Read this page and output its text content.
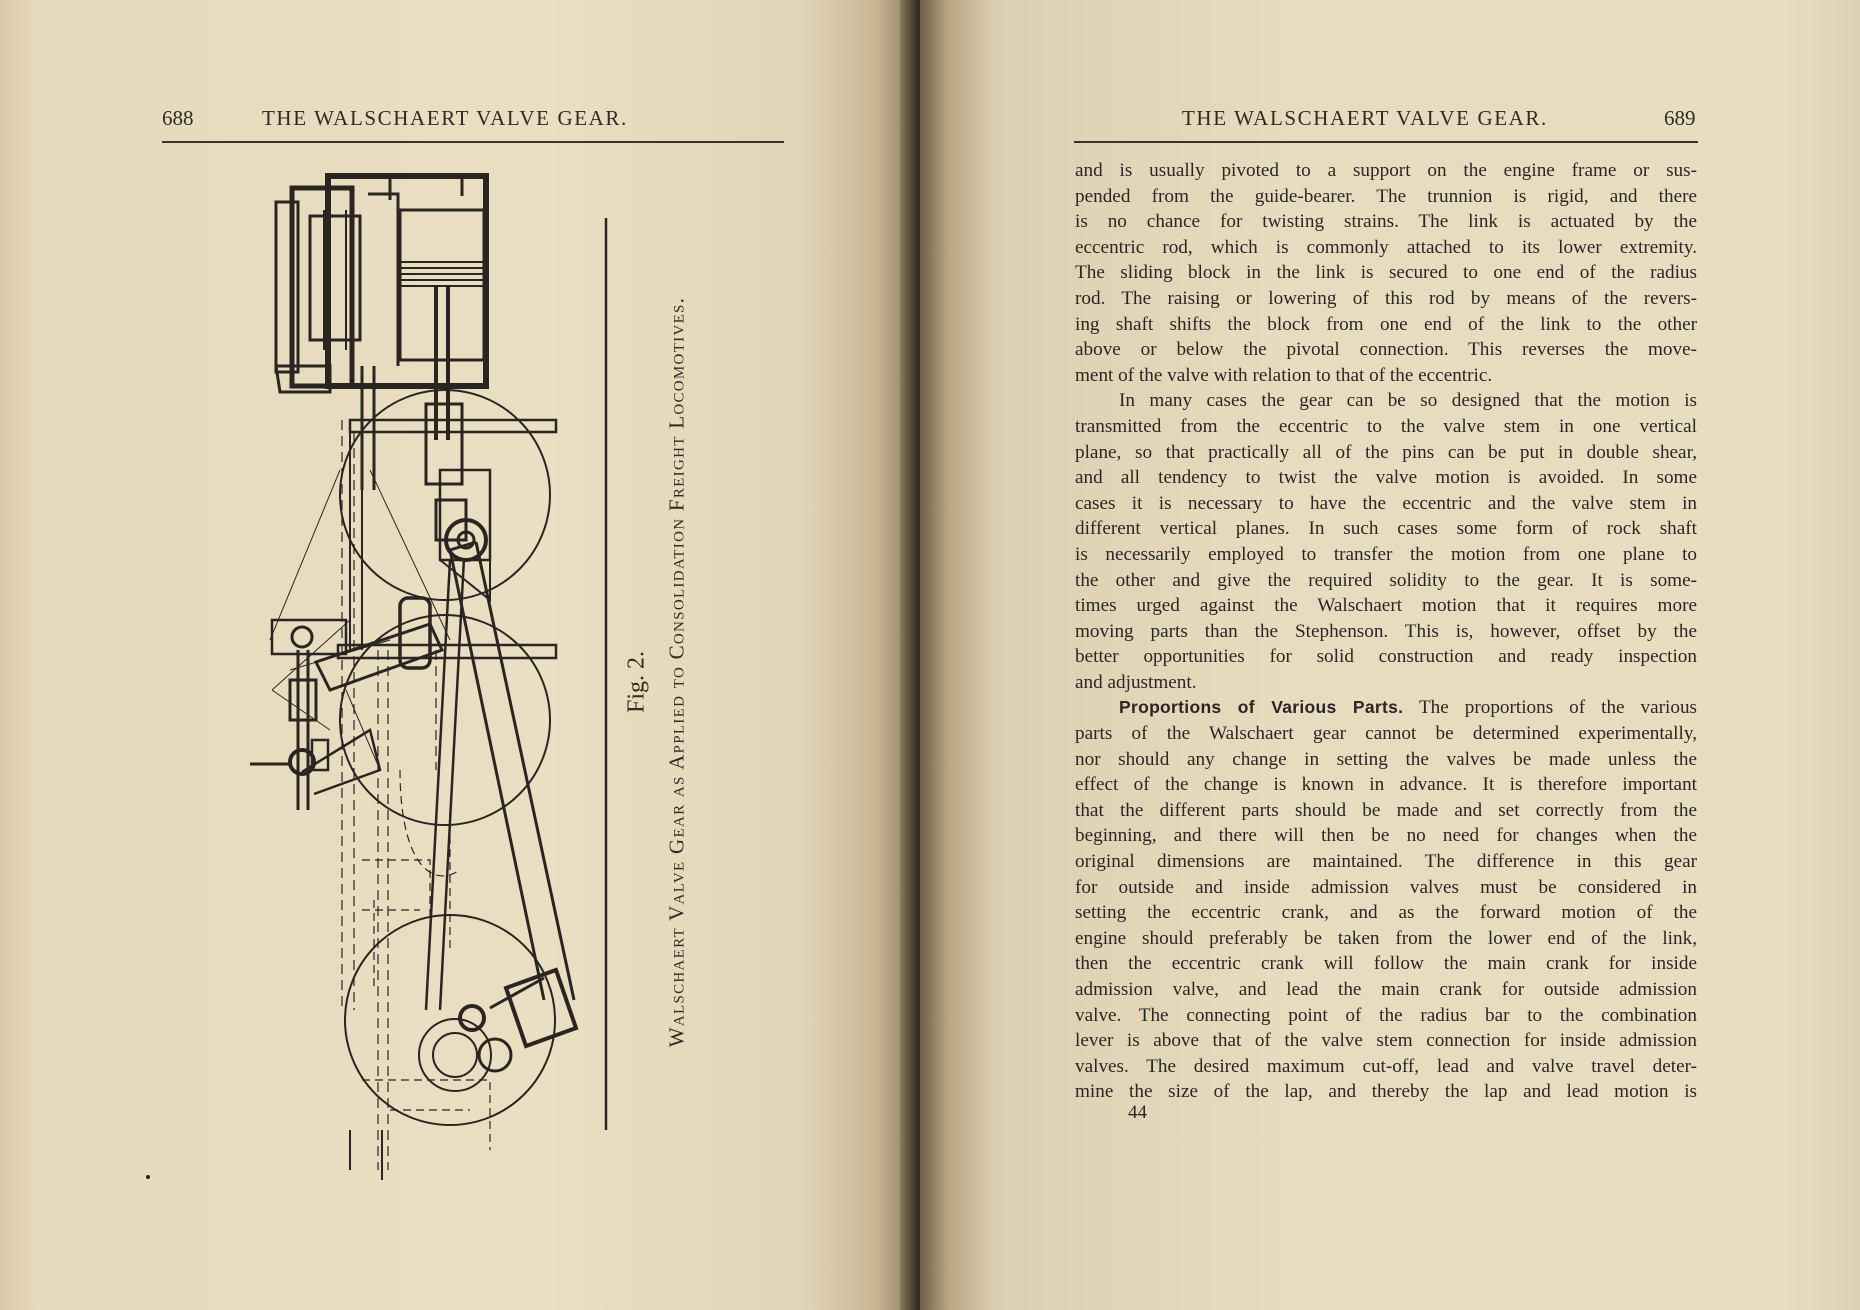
688	THE WALSCHAERT VALVE GEAR.
Fig. 2. Walschaert Valve Gear as Applied to Consolidation Freight Locomotives.
THE WALSCHAERT VALVE GEAR.	689
and is usually pivoted to a support on the engine frame or sus-
pended from the guide-bearer. The trunnion is rigid, and there
is no chance for twisting strains. The link is actuated by the
eccentric rod, which is commonly attached to its lower extremity.
The sliding block in the link is secured to one end of the radius
rod. The raising or lowering of this rod by means of the revers-
ing shaft shifts the block from one end of the link to the other
above or below the pivotal connection. This reverses the move-
ment of the valve with relation to that of the eccentric.
In many cases the gear can be so designed that the motion is
transmitted from the eccentric to the valve stem in one vertical
plane, so that practically all of the pins can be put in double shear,
and all tendency to twist the valve motion is avoided. In some
cases it is necessary to have the eccentric and the valve stem in
different vertical planes. In such cases some form of rock shaft
is necessarily employed to transfer the motion from one plane to
the other and give the required solidity to the gear. It is some-
times urged against the Walschaert motion that it requires more
moving parts than the Stephenson. This is, however, offset by the
better opportunities for solid construction and ready inspection
and adjustment.
Proportions of Various Parts. The proportions of the various
parts of the Walschaert gear cannot be determined experimentally,
nor should any change in setting the valves be made unless the
effect of the change is known in advance. It is therefore important
that the different parts should be made and set correctly from the
beginning, and there will then be no need for changes when the
original dimensions are maintained. The difference in this gear
for outside and inside admission valves must be considered in
setting the eccentric crank, and as the forward motion of the
engine should preferably be taken from the lower end of the link,
then the eccentric crank will follow the main crank for inside
admission valve, and lead the main crank for outside admission
valve. The connecting point of the radius bar to the combination
lever is above that of the valve stem connection for inside admission
valves. The desired maximum cut-off, lead and valve travel deter-
mine the size of the lap, and thereby the lap and lead motion is
44
